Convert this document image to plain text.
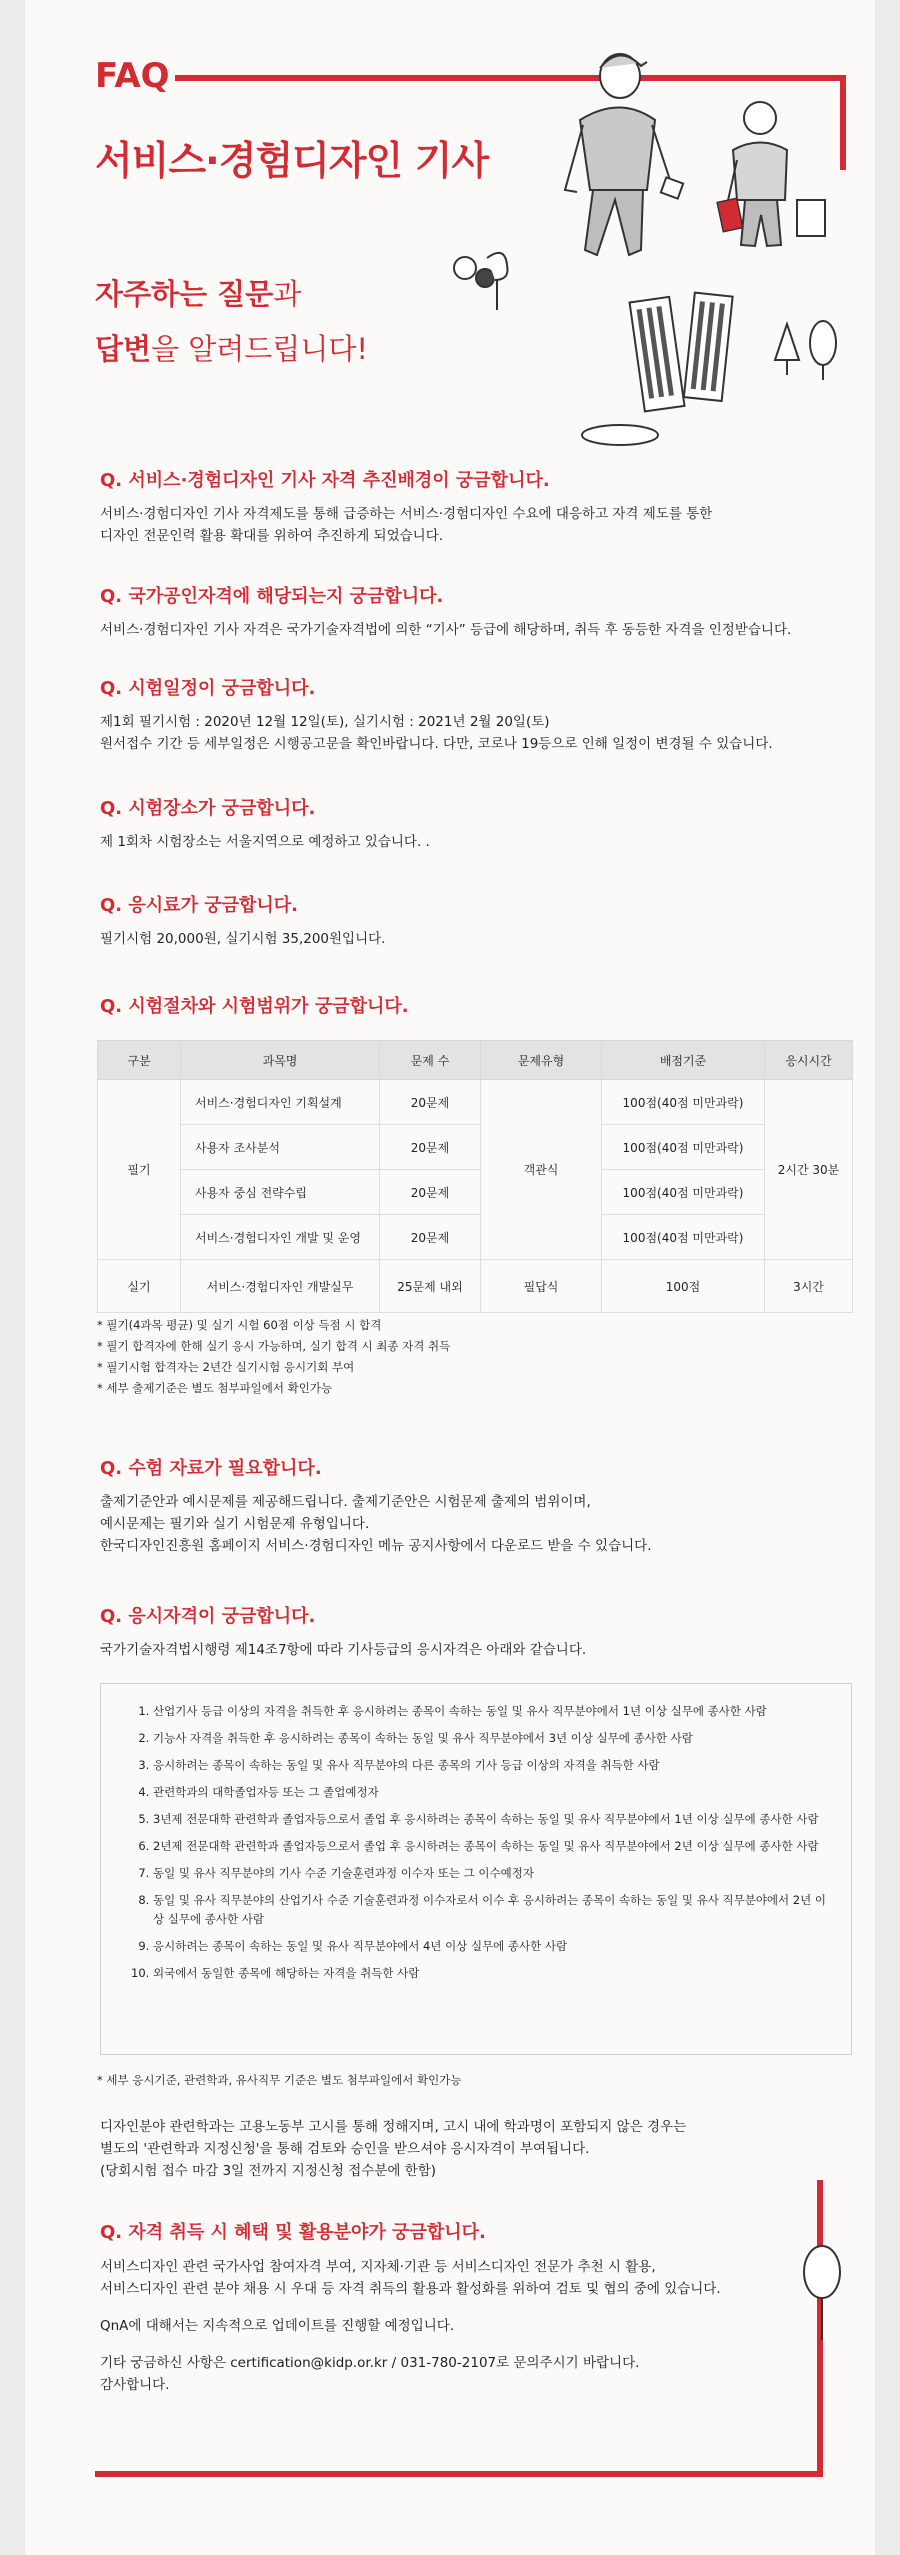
FAQ
서비스·경험디자인 기사
자주하는 질문과
답변을 알려드립니다!
Q. 서비스·경험디자인 기사 자격 추진배경이 궁금합니다.
서비스·경험디자인 기사 자격제도를 통해 급증하는 서비스·경험디자인 수요에 대응하고 자격 제도를 통한
디자인 전문인력 활용 확대를 위하여 추진하게 되었습니다.
Q. 국가공인자격에 해당되는지 궁금합니다.
서비스·경험디자인 기사 자격은 국가기술자격법에 의한 “기사” 등급에 해당하며, 취득 후 동등한 자격을 인정받습니다.
Q. 시험일정이 궁금합니다.
제1회 필기시험 : 2020년 12월 12일(토), 실기시험 : 2021년 2월 20일(토)
원서접수 기간 등 세부일정은 시행공고문을 확인바랍니다. 다만, 코로나 19등으로 인해 일정이 변경될 수 있습니다.
Q. 시험장소가 궁금합니다.
제 1회차 시험장소는 서울지역으로 예정하고 있습니다. .
Q. 응시료가 궁금합니다.
필기시험 20,000원, 실기시험 35,200원입니다.
Q. 시험절차와 시험범위가 궁금합니다.
구분	과목명	문제 수	문제유형	배점기준	응시시간
필기	서비스·경험디자인 기획설계	20문제	객관식	100점(40점 미만과락)	2시간 30분
	사용자 조사분석	20문제		100점(40점 미만과락)	
	사용자 중심 전략수립	20문제		100점(40점 미만과락)	
	서비스·경험디자인 개발 및 운영	20문제		100점(40점 미만과락)	
실기	서비스·경험디자인 개발실무	25문제 내외	필답식	100점	3시간
* 필기(4과목 평균) 및 실기 시험 60점 이상 득점 시 합격
* 필기 합격자에 한해 실기 응시 가능하며, 실기 합격 시 최종 자격 취득
* 필기시험 합격자는 2년간 실기시험 응시기회 부여
* 세부 출제기준은 별도 첨부파일에서 확인가능
Q. 수험 자료가 필요합니다.
출제기준안과 예시문제를 제공해드립니다. 출제기준안은 시험문제 출제의 범위이며,
예시문제는 필기와 실기 시험문제 유형입니다.
한국디자인진흥원 홈페이지 서비스·경험디자인 메뉴 공지사항에서 다운로드 받을 수 있습니다.
Q. 응시자격이 궁금합니다.
국가기술자격법시행령 제14조7항에 따라 기사등급의 응시자격은 아래와 같습니다.
1. 산업기사 등급 이상의 자격을 취득한 후 응시하려는 종목이 속하는 동일 및 유사 직무분야에서 1년 이상 실무에 종사한 사람
2. 기능사 자격을 취득한 후 응시하려는 종목이 속하는 동일 및 유사 직무분야에서 3년 이상 실무에 종사한 사람
3. 응시하려는 종목이 속하는 동일 및 유사 직무분야의 다른 종목의 기사 등급 이상의 자격을 취득한 사람
4. 관련학과의 대학졸업자등 또는 그 졸업예정자
5. 3년제 전문대학 관련학과 졸업자등으로서 졸업 후 응시하려는 종목이 속하는 동일 및 유사 직무분야에서 1년 이상 실무에 종사한 사람
6. 2년제 전문대학 관련학과 졸업자등으로서 졸업 후 응시하려는 종목이 속하는 동일 및 유사 직무분야에서 2년 이상 실무에 종사한 사람
7. 동일 및 유사 직무분야의 기사 수준 기술훈련과정 이수자 또는 그 이수예정자
8. 동일 및 유사 직무분야의 산업기사 수준 기술훈련과정 이수자로서 이수 후 응시하려는 종목이 속하는 동일 및 유사 직무분야에서 2년 이상 실무에 종사한 사람
9. 응시하려는 종목이 속하는 동일 및 유사 직무분야에서 4년 이상 실무에 종사한 사람
10. 외국에서 동일한 종목에 해당하는 자격을 취득한 사람
* 세부 응시기준, 관련학과, 유사직무 기준은 별도 첨부파일에서 확인가능
디자인분야 관련학과는 고용노동부 고시를 통해 정해지며, 고시 내에 학과명이 포함되지 않은 경우는
별도의 '관련학과 지정신청'을 통해 검토와 승인을 받으셔야 응시자격이 부여됩니다.
(당회시험 접수 마감 3일 전까지 지정신청 접수분에 한함)
Q. 자격 취득 시 혜택 및 활용분야가 궁금합니다.
서비스디자인 관련 국가사업 참여자격 부여, 지자체·기관 등 서비스디자인 전문가 추천 시 활용,
서비스디자인 관련 분야 채용 시 우대 등 자격 취득의 활용과 활성화를 위하여 검토 및 협의 중에 있습니다.
QnA에 대해서는 지속적으로 업데이트를 진행할 예정입니다.
기타 궁금하신 사항은 certification@kidp.or.kr / 031-780-2107로 문의주시기 바랍니다.
감사합니다.
